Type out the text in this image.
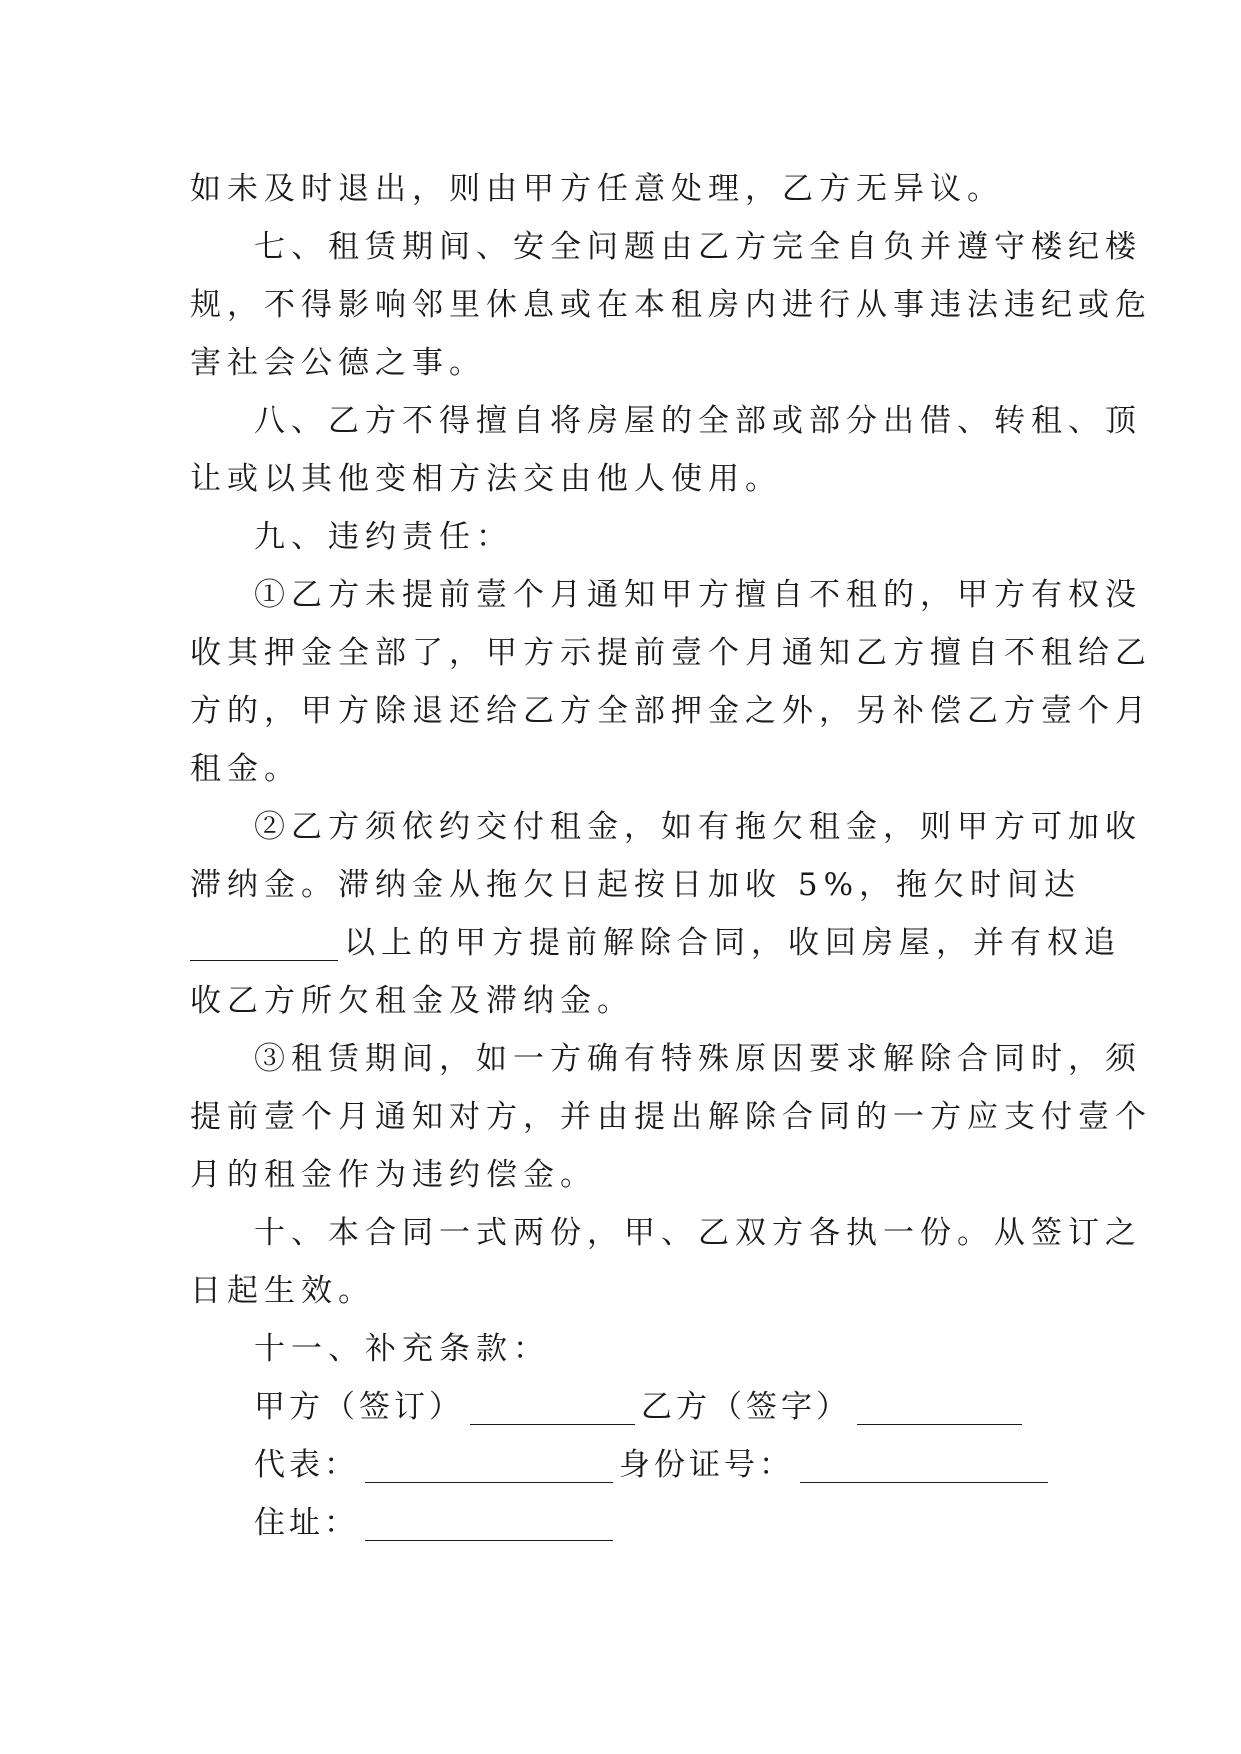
如未及时退出，则由甲方任意处理，乙方无异议。
七、租赁期间、安全问题由乙方完全自负并遵守楼纪楼
规，不得影响邻里休息或在本租房内进行从事违法违纪或危
害社会公德之事。
八、乙方不得擅自将房屋的全部或部分出借、转租、顶
让或以其他变相方法交由他人使用。
九、违约责任：
①乙方未提前壹个月通知甲方擅自不租的，甲方有权没
收其押金全部了，甲方示提前壹个月通知乙方擅自不租给乙
方的，甲方除退还给乙方全部押金之外，另补偿乙方壹个月
租金。
②乙方须依约交付租金，如有拖欠租金，则甲方可加收
滞纳金。滞纳金从拖欠日起按日加收 5%，拖欠时间达
以上的甲方提前解除合同，收回房屋，并有权追
收乙方所欠租金及滞纳金。
③租赁期间，如一方确有特殊原因要求解除合同时，须
提前壹个月通知对方，并由提出解除合同的一方应支付壹个
月的租金作为违约偿金。
十、本合同一式两份，甲、乙双方各执一份。从签订之
日起生效。
十一、补充条款：
甲方（签订）	乙方（签字）
代表：	身份证号：
住址：
